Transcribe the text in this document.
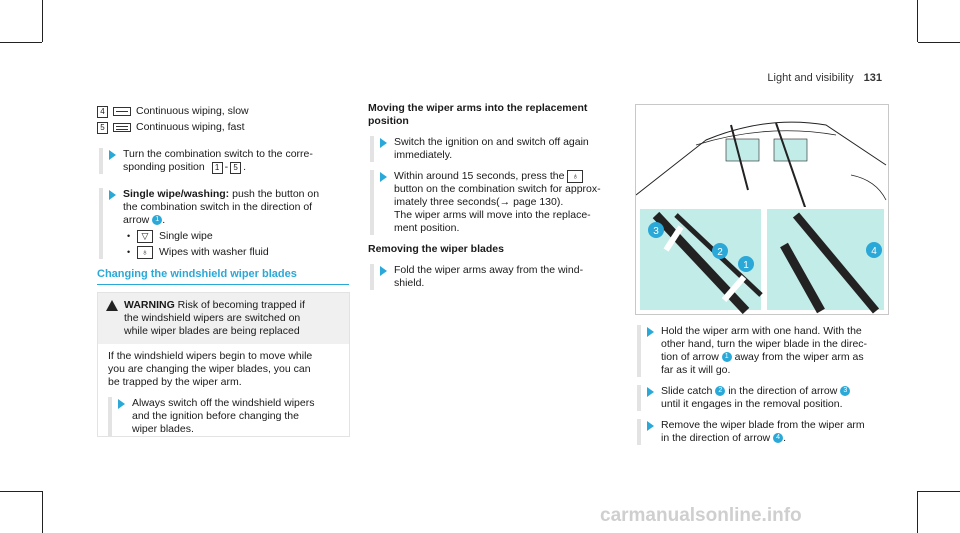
Light and visibility 131
4	Continuous wiping, slow
5	Continuous wiping, fast
Turn the combination switch to the corre-
sponding position 1 - 5 .
Single wipe/washing: push the button on
the combination switch in the direction of
arrow 1 .
•	▽	Single wipe
•	♁	Wipes with washer fluid
Changing the windshield wiper blades
WARNING Risk of becoming trapped if
the windshield wipers are switched on
while wiper blades are being replaced
If the windshield wipers begin to move while
you are changing the wiper blades, you can
be trapped by the wiper arm.
Always switch off the windshield wipers
and the ignition before changing the
wiper blades.
Moving the wiper arms into the replacement
position
Switch the ignition on and switch off again
immediately.
Within around 15 seconds, press the ♁
button on the combination switch for approx-
imately three seconds(→ page 130).
The wiper arms will move into the replace-
ment position.
Removing the wiper blades
Fold the wiper arms away from the wind-
shield.
3
2
1
4
Hold the wiper arm with one hand. With the
other hand, turn the wiper blade in the direc-
tion of arrow 1 away from the wiper arm as
far as it will go.
Slide catch 2 in the direction of arrow 3
until it engages in the removal position.
Remove the wiper blade from the wiper arm
in the direction of arrow 4 .
carmanualsonline.info
